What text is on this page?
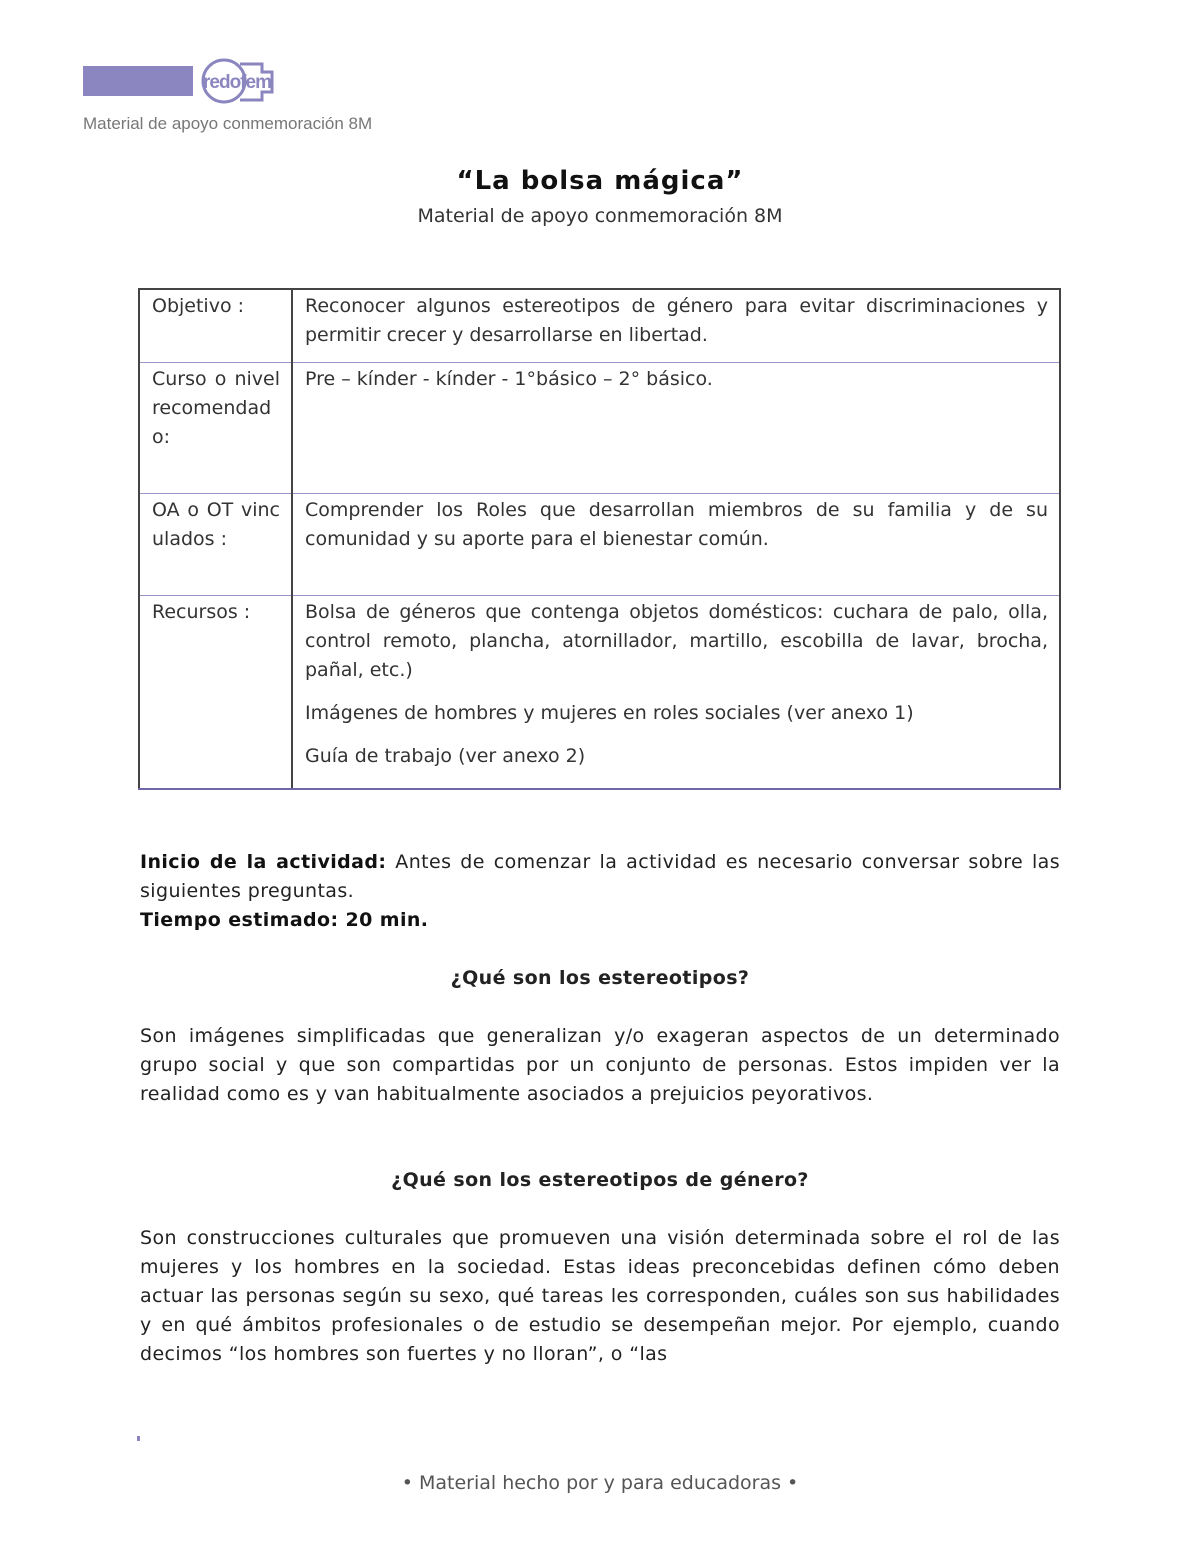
redofem
Material de apoyo conmemoración 8M
“La bolsa mágica”
Material de apoyo conmemoración 8M
Objetivo :	Reconocer algunos estereotipos de género para evitar discriminaciones y permitir crecer y desarrollarse en libertad.

Curso o nivel recomendado:	Pre – kínder - kínder - 1°básico – 2° básico.

OA o OT vinculados :	Comprender los Roles que desarrollan miembros de su familia y de su comunidad y su aporte para el bienestar común.

Recursos :	Bolsa de géneros que contenga objetos domésticos: cuchara de palo, olla, control remoto, plancha, atornillador, martillo, escobilla de lavar, brocha, pañal, etc.)

Imágenes de hombres y mujeres en roles sociales (ver anexo 1)

Guía de trabajo (ver anexo 2)

Inicio de la actividad: Antes de comenzar la actividad es necesario conversar sobre las siguientes preguntas.
Tiempo estimado: 20 min.
¿Qué son los estereotipos?
Son imágenes simplificadas que generalizan y/o exageran aspectos de un determinado grupo social y que son compartidas por un conjunto de personas. Estos impiden ver la realidad como es y van habitualmente asociados a prejuicios peyorativos.
¿Qué son los estereotipos de género?
Son construcciones culturales que promueven una visión determinada sobre el rol de las mujeres y los hombres en la sociedad. Estas ideas preconcebidas definen cómo deben actuar las personas según su sexo, qué tareas les corresponden, cuáles son sus habilidades y en qué ámbitos profesionales o de estudio se desempeñan mejor. Por ejemplo, cuando decimos “los hombres son fuertes y no lloran”, o “las
• Material hecho por y para educadoras •
